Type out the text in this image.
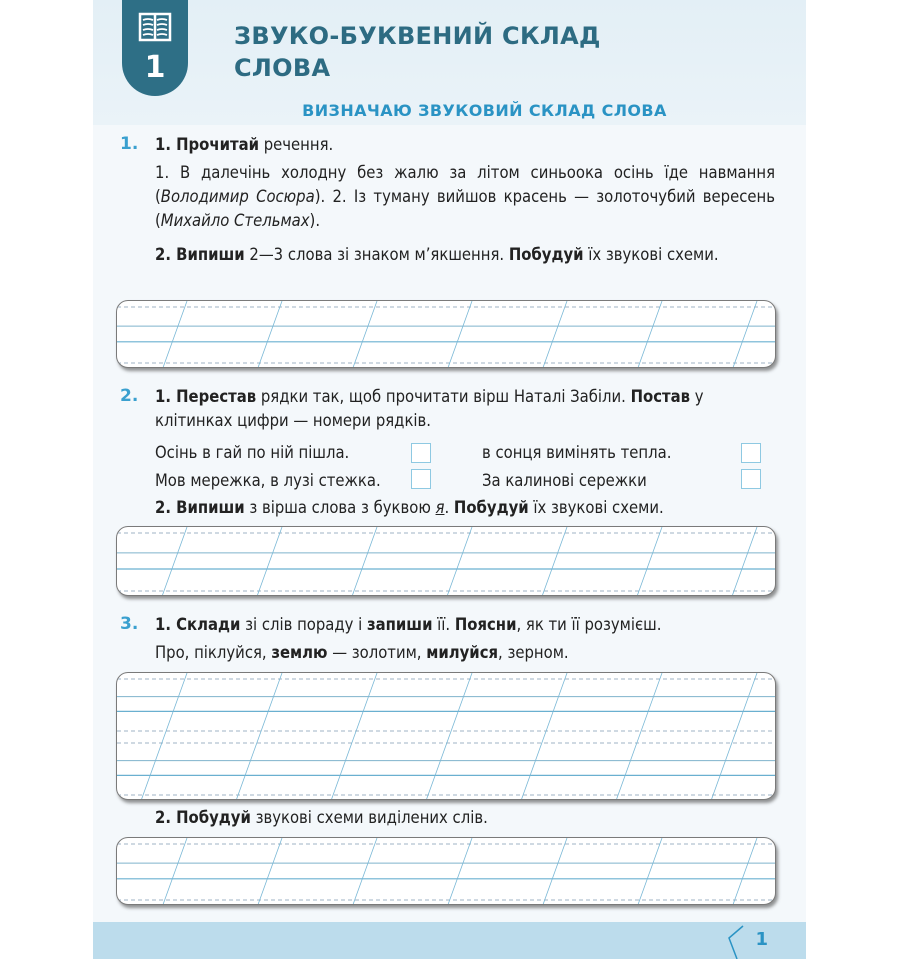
1
ЗВУКО-БУКВЕНИЙ СКЛАД
СЛОВА
ВИЗНАЧАЮ ЗВУКОВИЙ СКЛАД СЛОВА
1. 1. Прочитай речення.
1. В далечінь холодну без жалю за літом синьоока осінь їде навмання (Володимир Сосюра). 2. Із туману вийшов красень — золоточубий вересень (Михайло Стельмах).
2. Випиши 2—3 слова зі знаком м’якшення. Побудуй їх звукові схеми.
2. 1. Перестав рядки так, щоб прочитати вірш Наталі Забіли. Постав у клітинках цифри — номери рядків.
Осінь в гай по ній пішла.	в сонця вимінять тепла.
Мов мережка, в лузі стежка.	За калинові сережки
2. Випиши з вірша слова з буквою я. Побудуй їх звукові схеми.
3. 1. Склади зі слів пораду і запиши її. Поясни, як ти її розумієш.
Про, піклуйся, землю — золотим, милуйся, зерном.
2. Побудуй звукові схеми виділених слів.
1
